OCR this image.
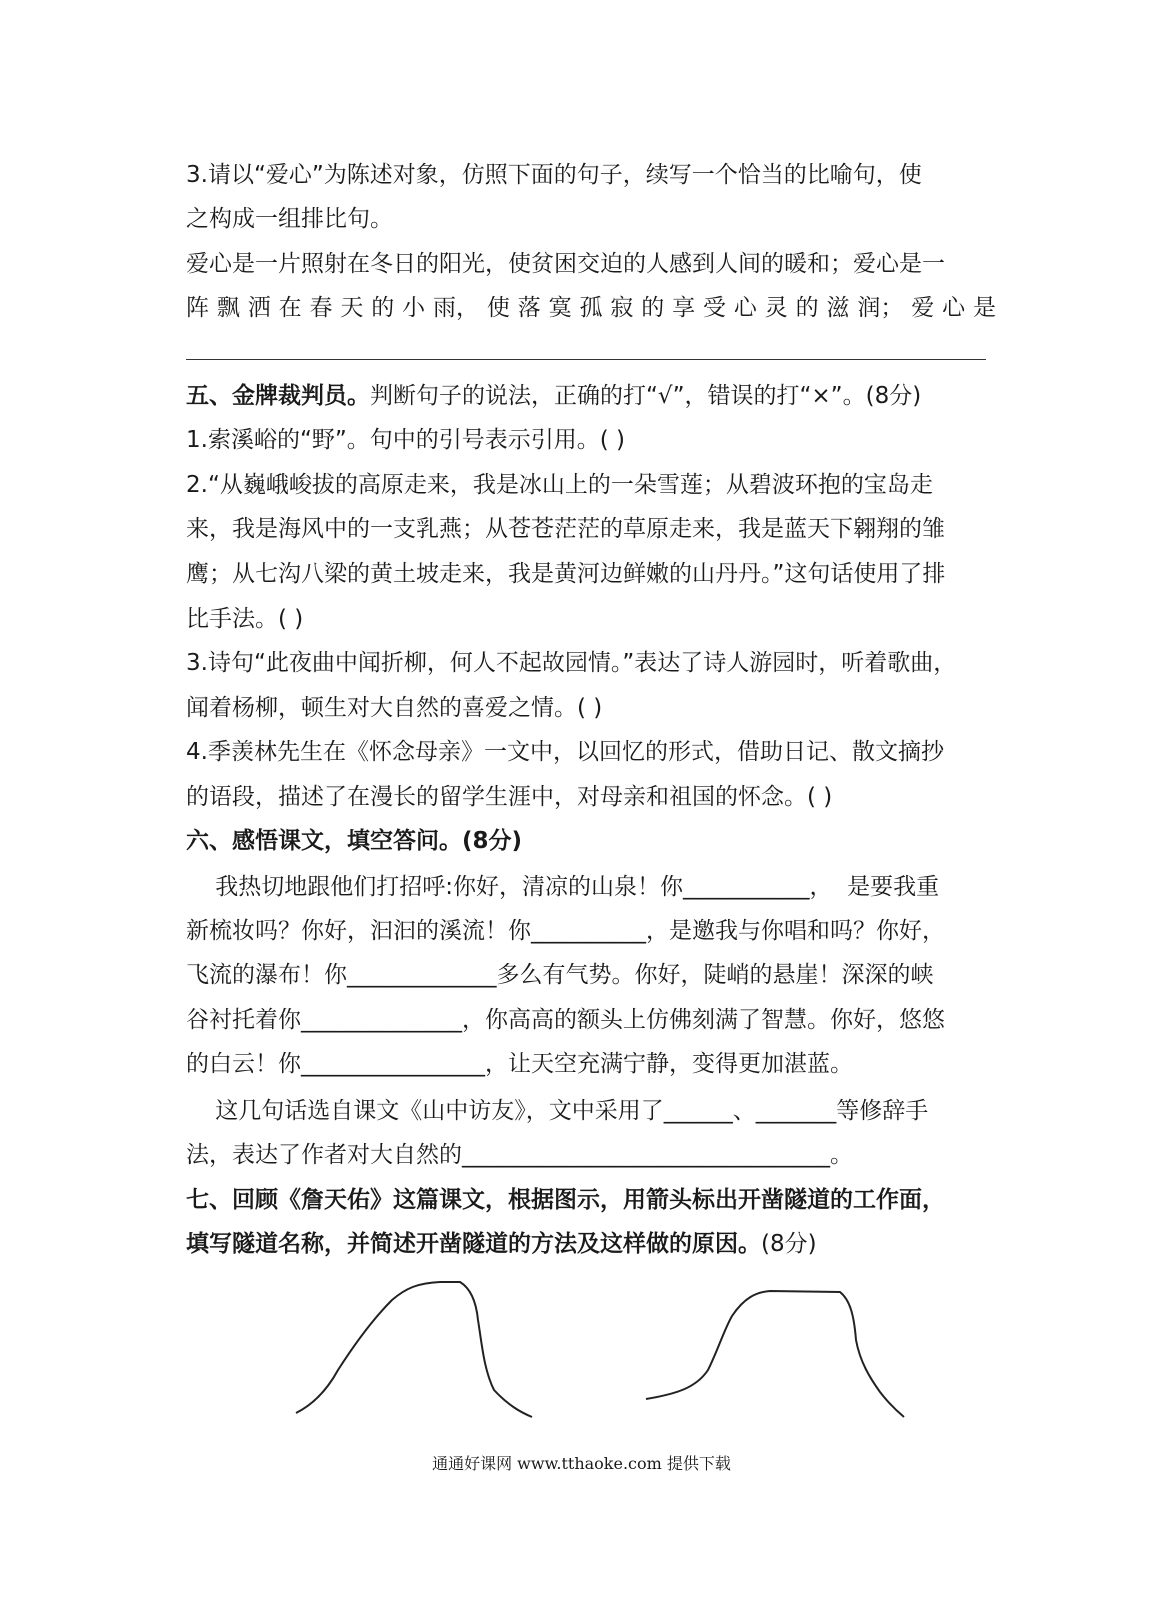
3.请以“爱心”为陈述对象，仿照下面的句子，续写一个恰当的比喻句，使
之构成一组排比句。
爱心是一片照射在冬日的阳光，使贫困交迫的人感到人间的暖和；爱心是一
阵 飘 洒 在 春 天 的 小 雨， 使 落 寞 孤 寂 的 享 受 心 灵 的 滋 润； 爱 心 是
五、金牌裁判员。判断句子的说法，正确的打“√”，错误的打“×”。(8分)
1.索溪峪的“野”。句中的引号表示引用。( )
2.“从巍峨峻拔的高原走来，我是冰山上的一朵雪莲；从碧波环抱的宝岛走
来，我是海风中的一支乳燕；从苍苍茫茫的草原走来，我是蓝天下翱翔的雏
鹰；从七沟八梁的黄土坡走来，我是黄河边鲜嫩的山丹丹。”这句话使用了排
比手法。( )
3.诗句“此夜曲中闻折柳，何人不起故园情。”表达了诗人游园时，听着歌曲，
闻着杨柳，顿生对大自然的喜爱之情。( )
4.季羡林先生在《怀念母亲》一文中，以回忆的形式，借助日记、散文摘抄
的语段，描述了在漫长的留学生涯中，对母亲和祖国的怀念。( )
六、感悟课文，填空答问。(8分)
我热切地跟他们打招呼:你好，清凉的山泉！你___________，  是要我重
新梳妆吗？你好，汩汩的溪流！你__________，是邀我与你唱和吗？你好，
飞流的瀑布！你_____________多么有气势。你好，陡峭的悬崖！深深的峡
谷衬托着你______________，你高高的额头上仿佛刻满了智慧。你好，悠悠
的白云！你________________，让天空充满宁静，变得更加湛蓝。
这几句话选自课文《山中访友》，文中采用了______、_______等修辞手
法，表达了作者对大自然的________________________________。
七、回顾《詹天佑》这篇课文，根据图示，用箭头标出开凿隧道的工作面，
填写隧道名称，并简述开凿隧道的方法及这样做的原因。(8分)
通通好课网 www.tthaoke.com 提供下载
